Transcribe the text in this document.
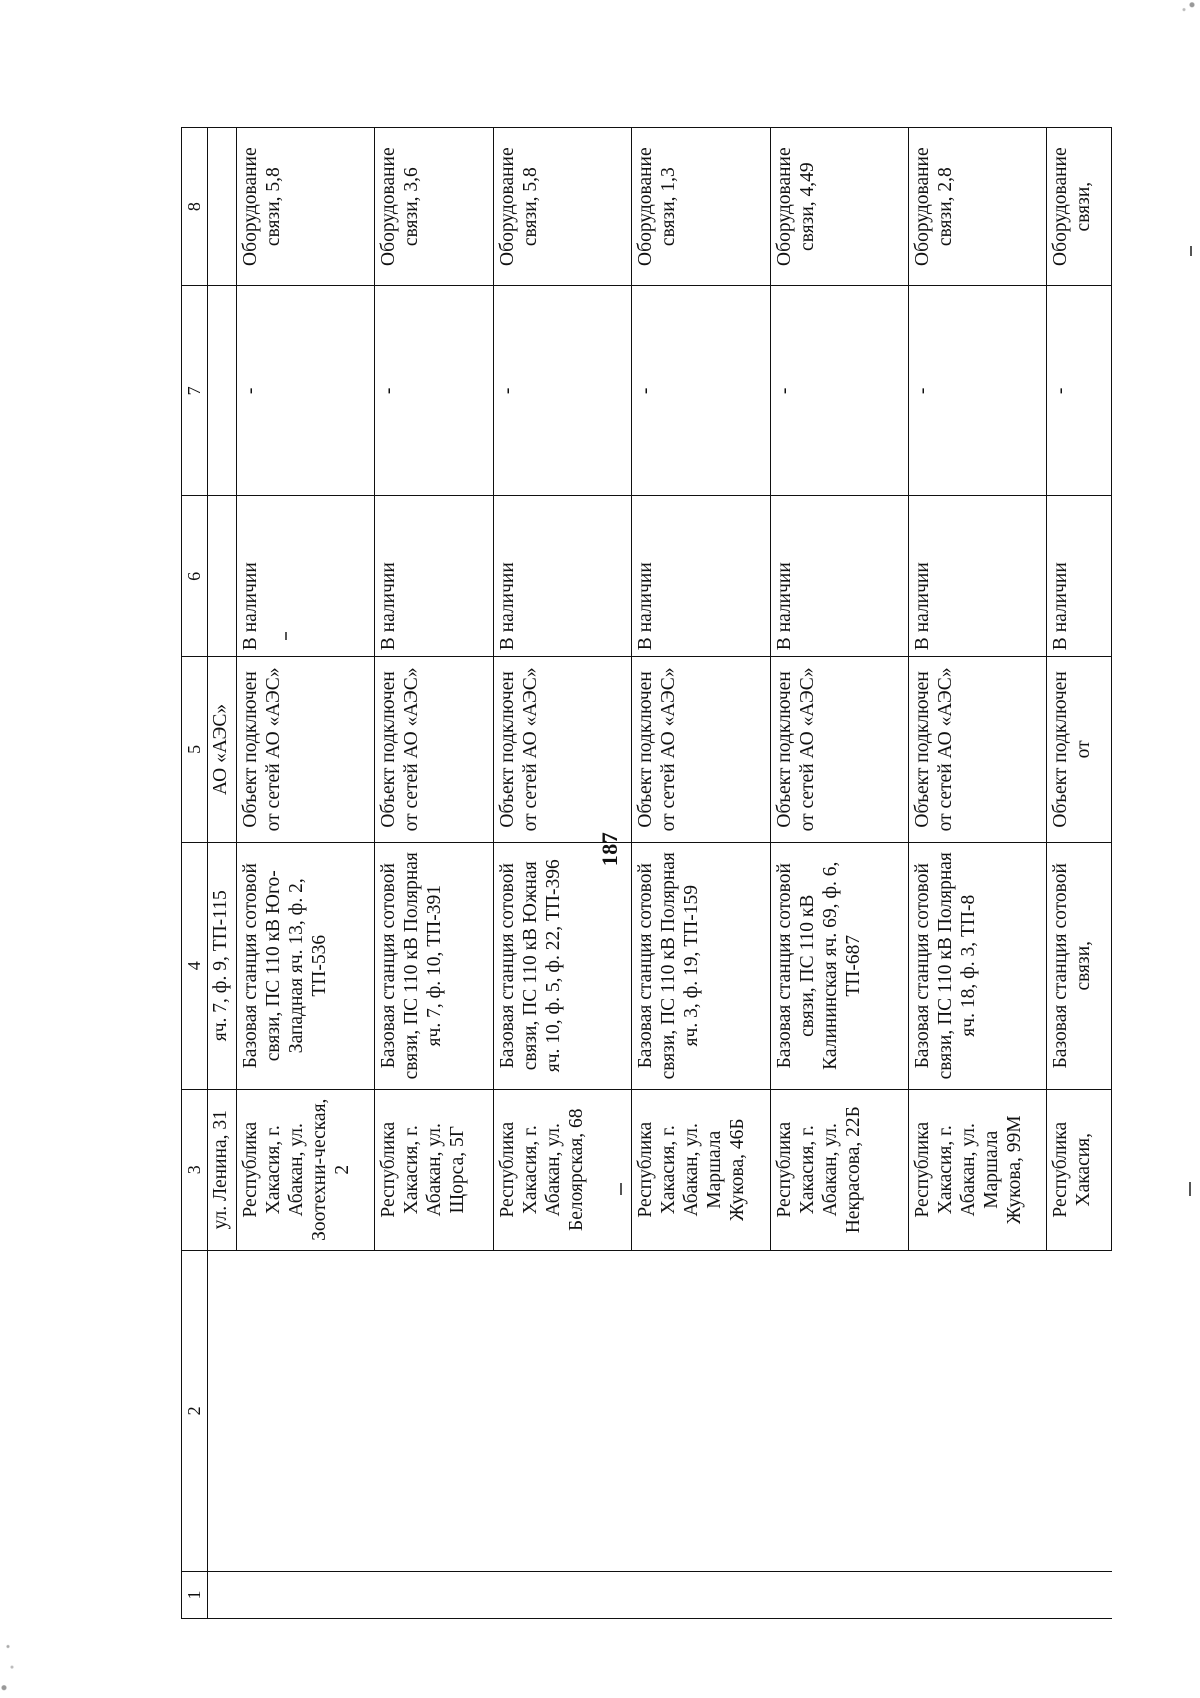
187
1	2	3	4	5	6	7	8
		ул. Ленина, 31	яч. 7, ф. 9, ТП-115	АО «АЭС»			
		Республика Хакасия, г. Абакан, ул. Зоотехни-ческая, 2	Базовая станция сотовой связи, ПС 110 кВ Юго-Западная яч. 13, ф. 2, ТП-536	Объект подключен от сетей АО «АЭС»	В наличии	-	Оборудование связи, 5,8
		Республика Хакасия, г. Абакан, ул. Щорса, 5Г	Базовая станция сотовой связи, ПС 110 кВ Полярная яч. 7, ф. 10, ТП-391	Объект подключен от сетей АО «АЭС»	В наличии	-	Оборудование связи, 3,6
		Республика Хакасия, г. Абакан, ул. Белоярская, 68	Базовая станция сотовой связи, ПС 110 кВ Южная яч. 10, ф. 5, ф. 22, ТП-396	Объект подключен от сетей АО «АЭС»	В наличии	-	Оборудование связи, 5,8
		Республика Хакасия, г. Абакан, ул. Маршала Жукова, 46Б	Базовая станция сотовой связи, ПС 110 кВ Полярная яч. 3, ф. 19, ТП-159	Объект подключен от сетей АО «АЭС»	В наличии	-	Оборудование связи, 1,3
		Республика Хакасия, г. Абакан, ул. Некрасова, 22Б	Базовая станция сотовой связи, ПС 110 кВ Калининская яч. 69, ф. 6, ТП-687	Объект подключен от сетей АО «АЭС»	В наличии	-	Оборудование связи, 4,49
		Республика Хакасия, г. Абакан, ул. Маршала Жукова, 99М	Базовая станция сотовой связи, ПС 110 кВ Полярная яч. 18, ф. 3, ТП-8	Объект подключен от сетей АО «АЭС»	В наличии	-	Оборудование связи, 2,8
		Республика Хакасия,	Базовая станция сотовой связи,	Объект подключен от	В наличии	-	Оборудование связи,
